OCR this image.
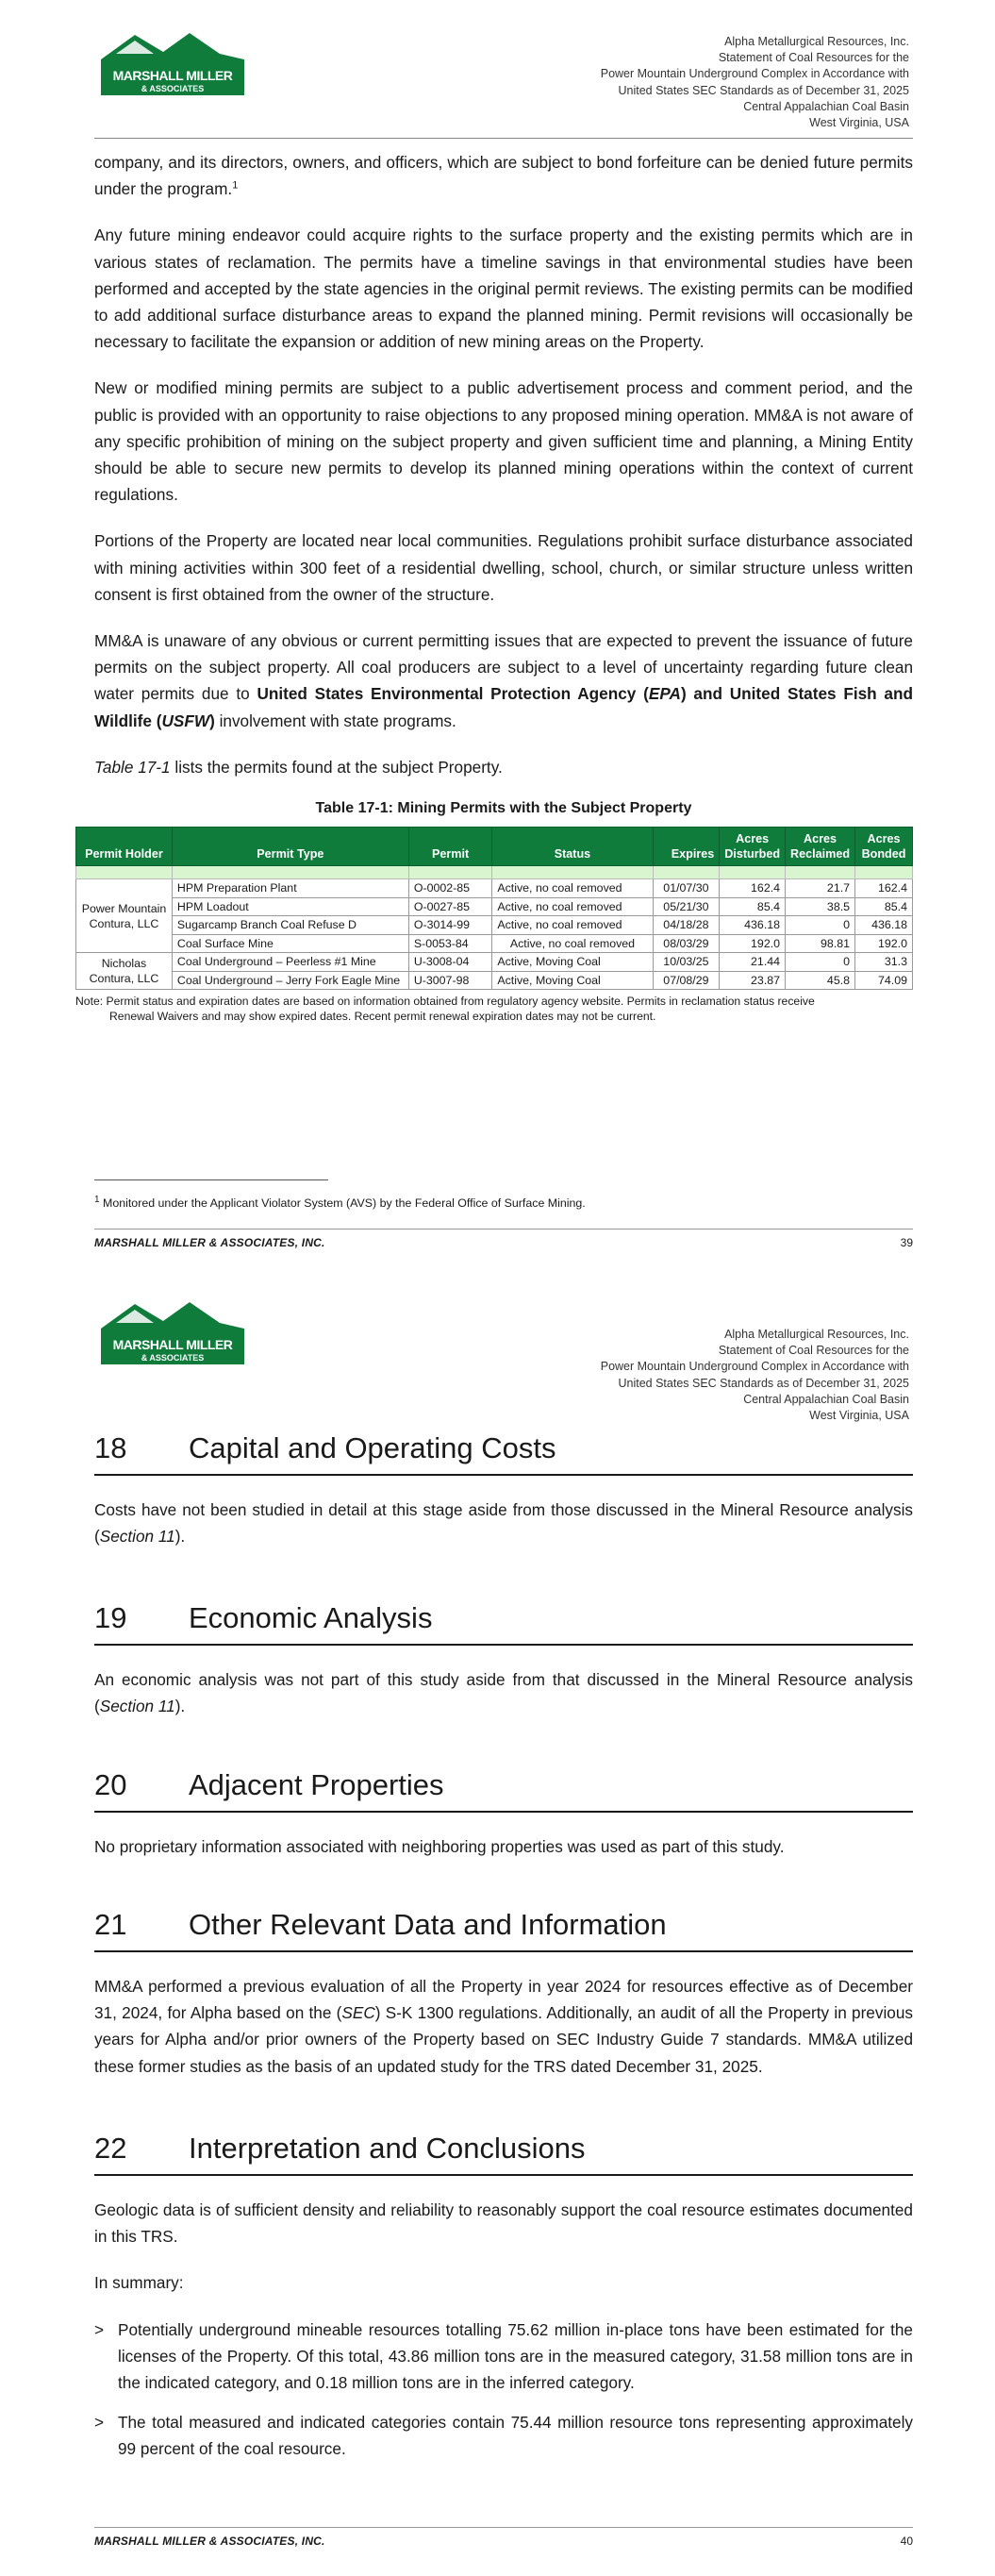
MARSHALL MILLER
& ASSOCIATES
Alpha Metallurgical Resources, Inc.
Statement of Coal Resources for the
Power Mountain Underground Complex in Accordance with
United States SEC Standards as of December 31, 2025
Central Appalachian Coal Basin
West Virginia, USA

company, and its directors, owners, and officers, which are subject to bond forfeiture can be denied future permits under the program.$^1$

Any future mining endeavor could acquire rights to the surface property and the existing permits which are in various states of reclamation. The permits have a timeline savings in that environmental studies have been performed and accepted by the state agencies in the original permit reviews. The existing permits can be modified to add additional surface disturbance areas to expand the planned mining. Permit revisions will occasionally be necessary to facilitate the expansion or addition of new mining areas on the Property.

New or modified mining permits are subject to a public advertisement process and comment period, and the public is provided with an opportunity to raise objections to any proposed mining operation. MM&A is not aware of any specific prohibition of mining on the subject property and given sufficient time and planning, a Mining Entity should be able to secure new permits to develop its planned mining operations within the context of current regulations.

Portions of the Property are located near local communities. Regulations prohibit surface disturbance associated with mining activities within 300 feet of a residential dwelling, school, church, or similar structure unless written consent is first obtained from the owner of the structure.

MM&A is unaware of any obvious or current permitting issues that are expected to prevent the issuance of future permits on the subject property. All coal producers are subject to a level of uncertainty regarding future clean water permits due to United States Environmental Protection Agency (EPA) and United States Fish and Wildlife (USFW) involvement with state programs.

Table 17-1 lists the permits found at the subject Property.

Table 17-1: Mining Permits with the Subject Property
Permit Holder	Permit Type	Permit	Status	Expires	Acres Disturbed	Acres Reclaimed	Acres Bonded

Power Mountain Contura, LLC	HPM Preparation Plant	O-0002-85	Active, no coal removed	01/07/30	162.4	21.7	162.4
	HPM Loadout	O-0027-85	Active, no coal removed	05/21/30	85.4	38.5	85.4
	Sugarcamp Branch Coal Refuse D	O-3014-99	Active, no coal removed	04/18/28	436.18	0	436.18
	Coal Surface Mine	S-0053-84	Active, no coal removed	08/03/29	192.0	98.81	192.0
Nicholas Contura, LLC	Coal Underground – Peerless #1 Mine	U-3008-04	Active, Moving Coal	10/03/25	21.44	0	31.3
	Coal Underground – Jerry Fork Eagle Mine	U-3007-98	Active, Moving Coal	07/08/29	23.87	45.8	74.09
Note: Permit status and expiration dates are based on information obtained from regulatory agency website. Permits in reclamation status receive
Renewal Waivers and may show expired dates. Recent permit renewal expiration dates may not be current.
$^1$ Monitored under the Applicant Violator System (AVS) by the Federal Office of Surface Mining.
MARSHALL MILLER & ASSOCIATES, INC.	39
MARSHALL MILLER
& ASSOCIATES
Alpha Metallurgical Resources, Inc.
Statement of Coal Resources for the
Power Mountain Underground Complex in Accordance with
United States SEC Standards as of December 31, 2025
Central Appalachian Coal Basin
West Virginia, USA
18	Capital and Operating Costs

Costs have not been studied in detail at this stage aside from those discussed in the Mineral Resource analysis (Section 11).

19	Economic Analysis

An economic analysis was not part of this study aside from that discussed in the Mineral Resource analysis (Section 11).

20	Adjacent Properties

No proprietary information associated with neighboring properties was used as part of this study.

21	Other Relevant Data and Information

MM&A performed a previous evaluation of all the Property in year 2024 for resources effective as of December 31, 2024, for Alpha based on the (SEC) S-K 1300 regulations. Additionally, an audit of all the Property in previous years for Alpha and/or prior owners of the Property based on SEC Industry Guide 7 standards. MM&A utilized these former studies as the basis of an updated study for the TRS dated December 31, 2025.

22	Interpretation and Conclusions

Geologic data is of sufficient density and reliability to reasonably support the coal resource estimates documented in this TRS.

In summary:

> Potentially underground mineable resources totalling 75.62 million in-place tons have been estimated for the licenses of the Property. Of this total, 43.86 million tons are in the measured category, 31.58 million tons are in the indicated category, and 0.18 million tons are in the inferred category.
> The total measured and indicated categories contain 75.44 million resource tons representing approximately 99 percent of the coal resource.
MARSHALL MILLER & ASSOCIATES, INC.	40
